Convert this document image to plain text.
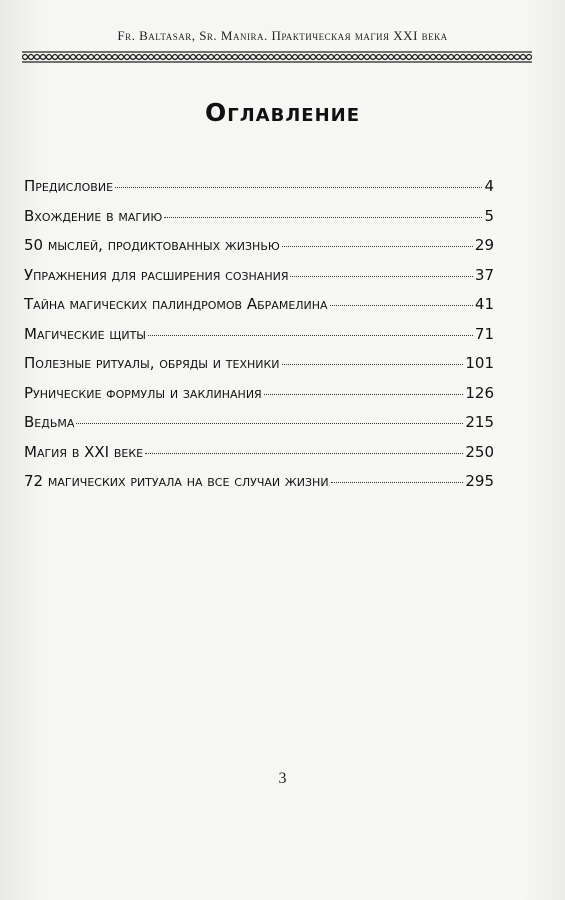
Fr. Baltasar, Sr. Manira. Практическая магия XXI века
Оглавление
Предисловие	4
Вхождение в магию	5
50 мыслей, продиктованных жизнью	29
Упражнения для расширения сознания	37
Тайна магических палиндромов Абрамелина	41
Магические щиты	71
Полезные ритуалы, обряды и техники	101
Рунические формулы и заклинания	126
Ведьма	215
Магия в XXI веке	250
72 магических ритуала на все случаи жизни	295
3
